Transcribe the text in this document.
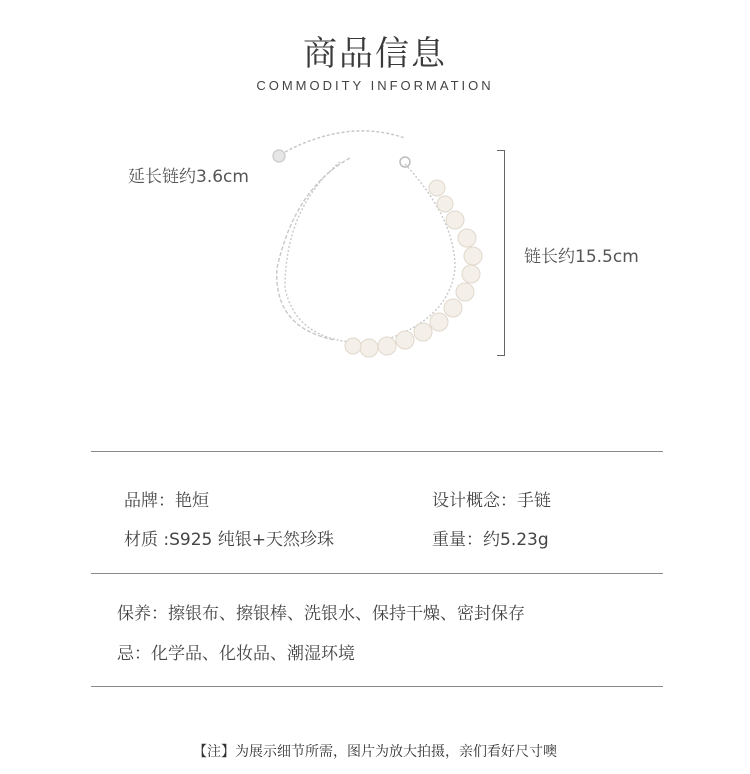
商品信息
COMMODITY INFORMATION
延长链约3.6cm
链长约15.5cm
品牌：艳烜	设计概念：手链
材质 :S925 纯银+天然珍珠	重量：约5.23g
保养：擦银布、擦银棒、洗银水、保持干燥、密封保存
忌：化学品、化妆品、潮湿环境
【注】为展示细节所需，图片为放大拍摄，亲们看好尺寸噢
